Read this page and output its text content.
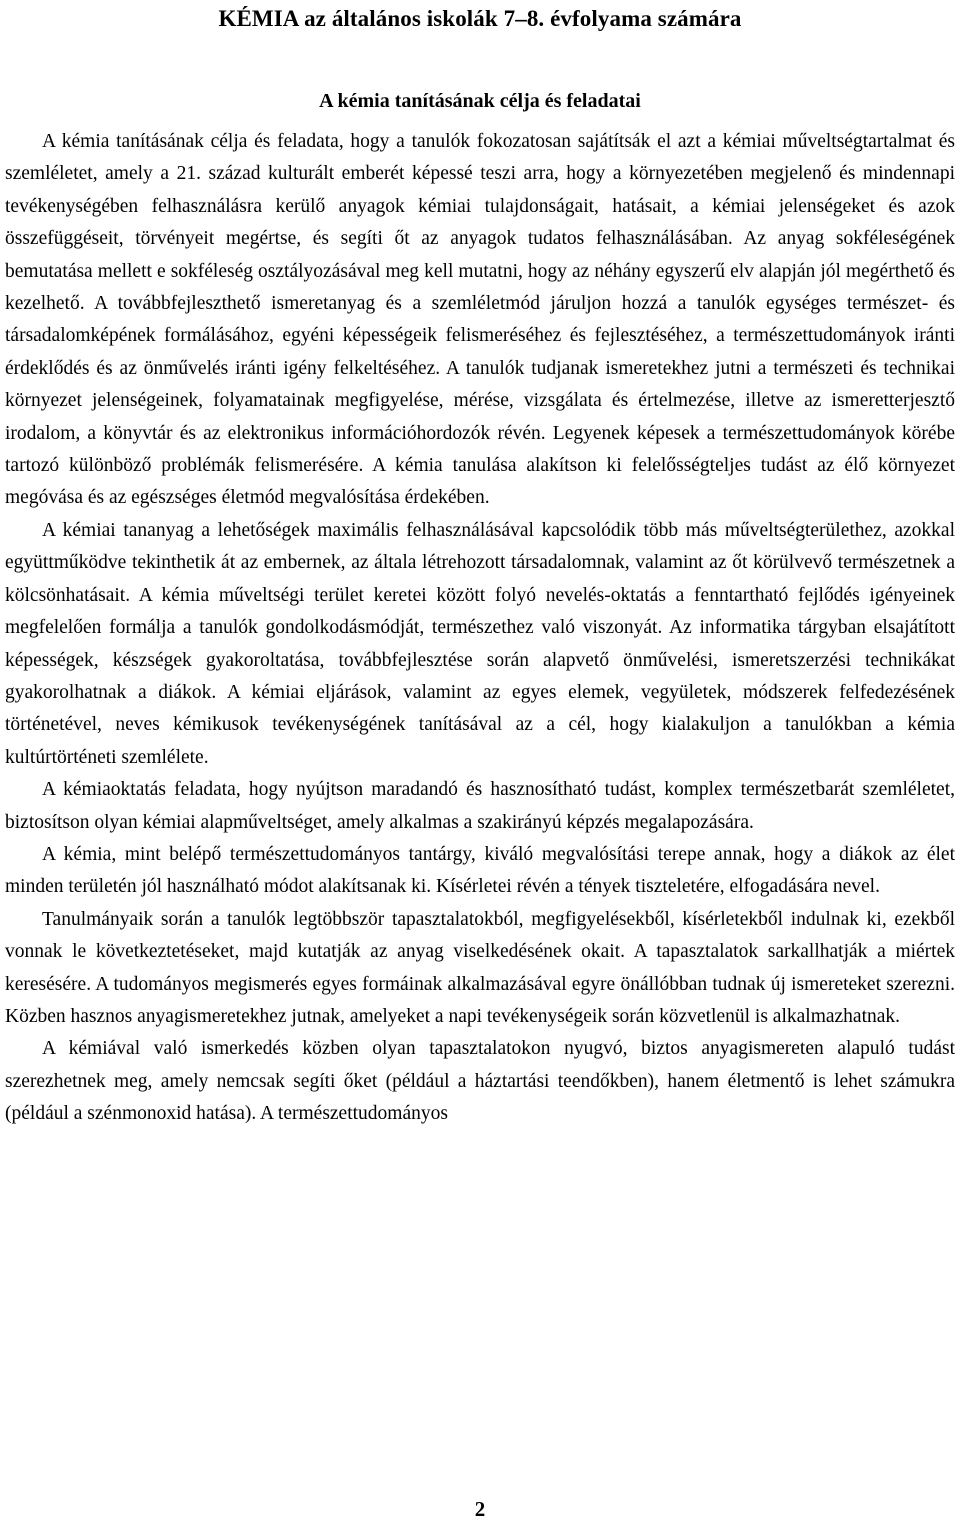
KÉMIA az általános iskolák 7–8. évfolyama számára
A kémia tanításának célja és feladatai

A kémia tanításának célja és feladata, hogy a tanulók fokozatosan sajátítsák el azt a kémiai műveltségtartalmat és szemléletet, amely a 21. század kulturált emberét képessé teszi arra, hogy a környezetében megjelenő és mindennapi tevékenységében felhasználásra kerülő anyagok kémiai tulajdonságait, hatásait, a kémiai jelenségeket és azok összefüggéseit, törvényeit megértse, és segíti őt az anyagok tudatos felhasználásában. Az anyag sokféleségének bemutatása mellett e sokféleség osztályozásával meg kell mutatni, hogy az néhány egyszerű elv alapján jól megérthető és kezelhető. A továbbfejleszthető ismeretanyag és a szemléletmód járuljon hozzá a tanulók egységes természet- és társadalomképének formálásához, egyéni képességeik felismeréséhez és fejlesztéséhez, a természettudományok iránti érdeklődés és az önművelés iránti igény felkeltéséhez. A tanulók tudjanak ismeretekhez jutni a természeti és technikai környezet jelenségeinek, folyamatainak megfigyelése, mérése, vizsgálata és értelmezése, illetve az ismeretterjesztő irodalom, a könyvtár és az elektronikus információhordozók révén. Legyenek képesek a természettudományok körébe tartozó különböző problémák felismerésére. A kémia tanulása alakítson ki felelősségteljes tudást az élő környezet megóvása és az egészséges életmód megvalósítása érdekében.

A kémiai tananyag a lehetőségek maximális felhasználásával kapcsolódik több más műveltségterülethez, azokkal együttműködve tekinthetik át az embernek, az általa létrehozott társadalomnak, valamint az őt körülvevő természetnek a kölcsönhatásait. A kémia műveltségi terület keretei között folyó nevelés-oktatás a fenntartható fejlődés igényeinek megfelelően formálja a tanulók gondolkodásmódját, természethez való viszonyát. Az informatika tárgyban elsajátított képességek, készségek gyakoroltatása, továbbfejlesztése során alapvető önművelési, ismeretszerzési technikákat gyakorolhatnak a diákok. A kémiai eljárások, valamint az egyes elemek, vegyületek, módszerek felfedezésének történetével, neves kémikusok tevékenységének tanításával az a cél, hogy kialakuljon a tanulókban a kémia kultúrtörténeti szemlélete.

A kémiaoktatás feladata, hogy nyújtson maradandó és hasznosítható tudást, komplex természetbarát szemléletet, biztosítson olyan kémiai alapműveltséget, amely alkalmas a szakirányú képzés megalapozására.

A kémia, mint belépő természettudományos tantárgy, kiváló megvalósítási terepe annak, hogy a diákok az élet minden területén jól használható módot alakítsanak ki. Kísérletei révén a tények tiszteletére, elfogadására nevel.

Tanulmányaik során a tanulók legtöbbször tapasztalatokból, megfigyelésekből, kísérletekből indulnak ki, ezekből vonnak le következtetéseket, majd kutatják az anyag viselkedésének okait. A tapasztalatok sarkallhatják a miértek keresésére. A tudományos megismerés egyes formáinak alkalmazásával egyre önállóbban tudnak új ismereteket szerezni. Közben hasznos anyagismeretekhez jutnak, amelyeket a napi tevékenységeik során közvetlenül is alkalmazhatnak.

A kémiával való ismerkedés közben olyan tapasztalatokon nyugvó, biztos anyagismereten alapuló tudást szerezhetnek meg, amely nemcsak segíti őket (például a háztartási teendőkben), hanem életmentő is lehet számukra (például a szénmonoxid hatása). A természettudományos

2
